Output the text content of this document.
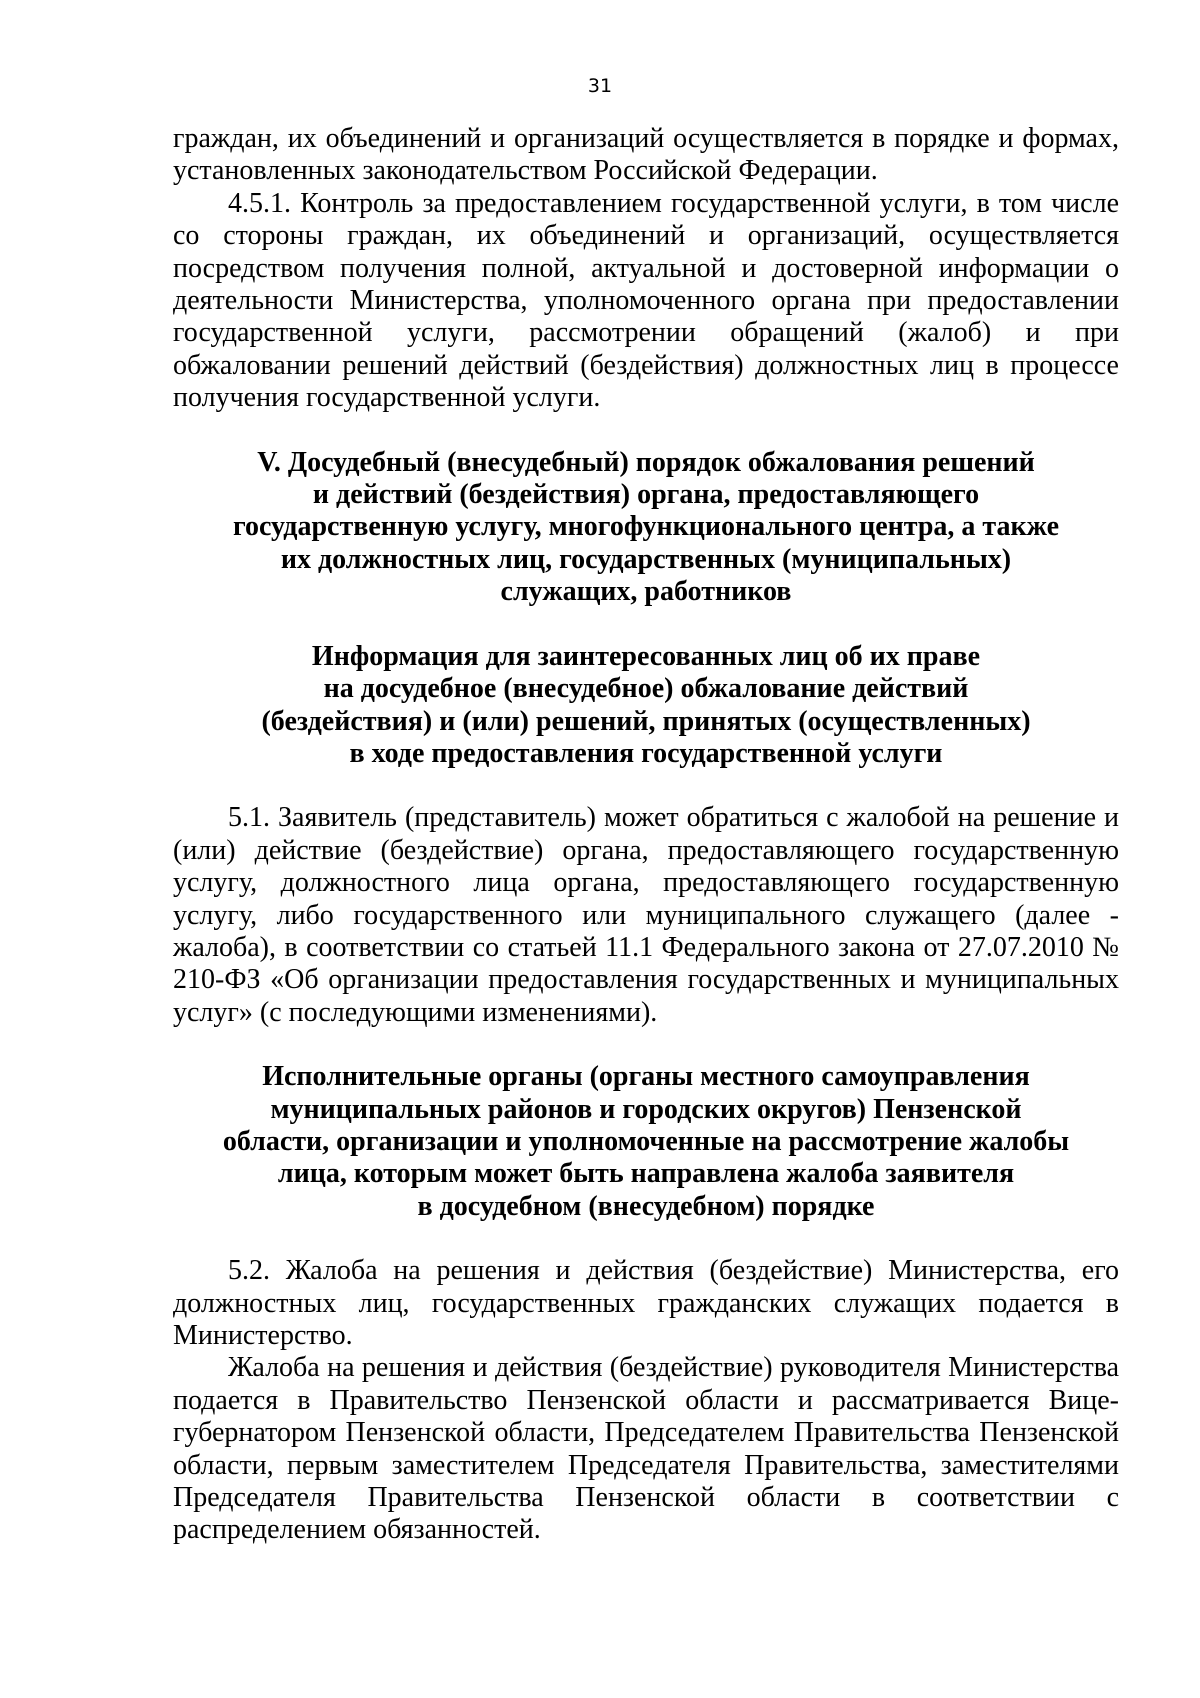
31

граждан, их объединений и организаций осуществляется в порядке и формах, установленных законодательством Российской Федерации.

4.5.1. Контроль за предоставлением государственной услуги, в том числе со стороны граждан, их объединений и организаций, осуществляется посредством получения полной, актуальной и достоверной информации о деятельности Министерства, уполномоченного органа при предоставлении государственной услуги, рассмотрении обращений (жалоб) и при обжаловании решений действий (бездействия) должностных лиц в процессе получения государственной услуги.

V. Досудебный (внесудебный) порядок обжалования решений
и действий (бездействия) органа, предоставляющего
государственную услугу, многофункционального центра, а также
их должностных лиц, государственных (муниципальных)
служащих, работников

Информация для заинтересованных лиц об их праве
на досудебное (внесудебное) обжалование действий
(бездействия) и (или) решений, принятых (осуществленных)
в ходе предоставления государственной услуги

5.1. Заявитель (представитель) может обратиться с жалобой на решение и (или) действие (бездействие) органа, предоставляющего государственную услугу, должностного лица органа, предоставляющего государственную услугу, либо государственного или муниципального служащего (далее - жалоба), в соответствии со статьей 11.1 Федерального закона от 27.07.2010 № 210-ФЗ «Об организации предоставления государственных и муниципальных услуг» (с последующими изменениями).

Исполнительные органы (органы местного самоуправления
муниципальных районов и городских округов) Пензенской
области, организации и уполномоченные на рассмотрение жалобы
лица, которым может быть направлена жалоба заявителя
в досудебном (внесудебном) порядке

5.2. Жалоба на решения и действия (бездействие) Министерства, его должностных лиц, государственных гражданских служащих подается в Министерство.

Жалоба на решения и действия (бездействие) руководителя Министерства подается в Правительство Пензенской области и рассматривается Вице-губернатором Пензенской области, Председателем Правительства Пензенской области, первым заместителем Председателя Правительства, заместителями Председателя Правительства Пензенской области в соответствии с распределением обязанностей.
